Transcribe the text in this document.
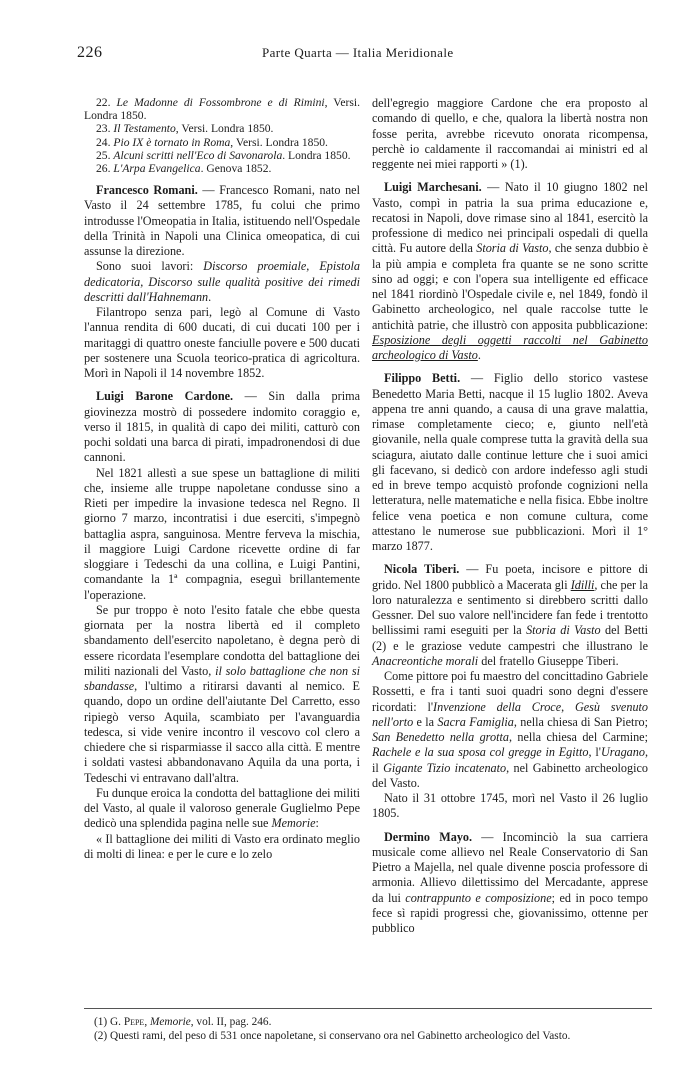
226	Parte Quarta — Italia Meridionale

22. Le Madonne di Fossombrone e di Rimini, Versi. Londra 1850.

23. Il Testamento, Versi. Londra 1850.

24. Pio IX è tornato in Roma, Versi. Londra 1850.

25. Alcuni scritti nell'Eco di Savonarola. Londra 1850.

26. L'Arpa Evangelica. Genova 1852.

Francesco Romani. — Francesco Romani, nato nel Vasto il 24 settembre 1785, fu colui che primo introdusse l'Omeopatia in Italia, istituendo nell'Ospedale della Trinità in Napoli una Clinica omeopatica, di cui assunse la direzione.

Sono suoi lavori: Discorso proemiale, Epistola dedicatoria, Discorso sulle qualità positive dei rimedi descritti dall'Hahnemann.

Filantropo senza pari, legò al Comune di Vasto l'annua rendita di 600 ducati, di cui ducati 100 per i maritaggi di quattro oneste fanciulle povere e 500 ducati per sostenere una Scuola teorico-pratica di agricoltura. Morì in Napoli il 14 novembre 1852.

Luigi Barone Cardone. — Sin dalla prima giovinezza mostrò di possedere indomito coraggio e, verso il 1815, in qualità di capo dei militi, catturò con pochi soldati una barca di pirati, impadronendosi di due cannoni.

Nel 1821 allestì a sue spese un battaglione di militi che, insieme alle truppe napoletane condusse sino a Rieti per impedire la invasione tedesca nel Regno. Il giorno 7 marzo, incontratisi i due eserciti, s'impegnò battaglia aspra, sanguinosa. Mentre ferveva la mischia, il maggiore Luigi Cardone ricevette ordine di far sloggiare i Tedeschi da una collina, e Luigi Pantini, comandante la 1ª compagnia, eseguì brillantemente l'operazione.

Se pur troppo è noto l'esito fatale che ebbe questa giornata per la nostra libertà ed il completo sbandamento dell'esercito napoletano, è degna però di essere ricordata l'esemplare condotta del battaglione dei militi nazionali del Vasto, il solo battaglione che non si sbandasse, l'ultimo a ritirarsi davanti al nemico. E quando, dopo un ordine dell'aiutante Del Carretto, esso ripiegò verso Aquila, scambiato per l'avanguardia tedesca, si vide venire incontro il vescovo col clero a chiedere che si risparmiasse il sacco alla città. E mentre i soldati vastesi abbandonavano Aquila da una porta, i Tedeschi vi entravano dall'altra.

Fu dunque eroica la condotta del battaglione dei militi del Vasto, al quale il valoroso generale Guglielmo Pepe dedicò una splendida pagina nelle sue Memorie:

« Il battaglione dei militi di Vasto era ordinato meglio di molti di linea: e per le cure e lo zelo

dell'egregio maggiore Cardone che era proposto al comando di quello, e che, qualora la libertà nostra non fosse perita, avrebbe ricevuto onorata ricompensa, perchè io caldamente il raccomandai ai ministri ed al reggente nei miei rapporti » (1).

Luigi Marchesani. — Nato il 10 giugno 1802 nel Vasto, compì in patria la sua prima educazione e, recatosi in Napoli, dove rimase sino al 1841, esercitò la professione di medico nei principali ospedali di quella città. Fu autore della Storia di Vasto, che senza dubbio è la più ampia e completa fra quante se ne sono scritte sino ad oggi; e con l'opera sua intelligente ed efficace nel 1841 riordinò l'Ospedale civile e, nel 1849, fondò il Gabinetto archeologico, nel quale raccolse tutte le antichità patrie, che illustrò con apposita pubblicazione: Esposizione degli oggetti raccolti nel Gabinetto archeologico di Vasto.

Filippo Betti. — Figlio dello storico vastese Benedetto Maria Betti, nacque il 15 luglio 1802. Aveva appena tre anni quando, a causa di una grave malattia, rimase completamente cieco; e, giunto nell'età giovanile, nella quale comprese tutta la gravità della sua sciagura, aiutato dalle continue letture che i suoi amici gli facevano, si dedicò con ardore indefesso agli studi ed in breve tempo acquistò profonde cognizioni nella letteratura, nelle matematiche e nella fisica. Ebbe inoltre felice vena poetica e non comune cultura, come attestano le numerose sue pubblicazioni. Morì il 1° marzo 1877.

Nicola Tiberi. — Fu poeta, incisore e pittore di grido. Nel 1800 pubblicò a Macerata gli Idilli, che per la loro naturalezza e sentimento si direbbero scritti dallo Gessner. Del suo valore nell'incidere fan fede i trentotto bellissimi rami eseguiti per la Storia di Vasto del Betti (2) e le graziose vedute campestri che illustrano le Anacreontiche morali del fratello Giuseppe Tiberi.

Come pittore poi fu maestro del concittadino Gabriele Rossetti, e fra i tanti suoi quadri sono degni d'essere ricordati: l'Invenzione della Croce, Gesù svenuto nell'orto e la Sacra Famiglia, nella chiesa di San Pietro; San Benedetto nella grotta, nella chiesa del Carmine; Rachele e la sua sposa col gregge in Egitto, l'Uragano, il Gigante Tizio incatenato, nel Gabinetto archeologico del Vasto.

Nato il 31 ottobre 1745, morì nel Vasto il 26 luglio 1805.

Dermino Mayo. — Incominciò la sua carriera musicale come allievo nel Reale Conservatorio di San Pietro a Majella, nel quale divenne poscia professore di armonia. Allievo dilettissimo del Mercadante, apprese da lui contrappunto e composizione; ed in poco tempo fece sì rapidi progressi che, giovanissimo, ottenne per pubblico

(1) G. Pepe, Memorie, vol. II, pag. 246.

(2) Questi rami, del peso di 531 once napoletane, si conservano ora nel Gabinetto archeologico del Vasto.
